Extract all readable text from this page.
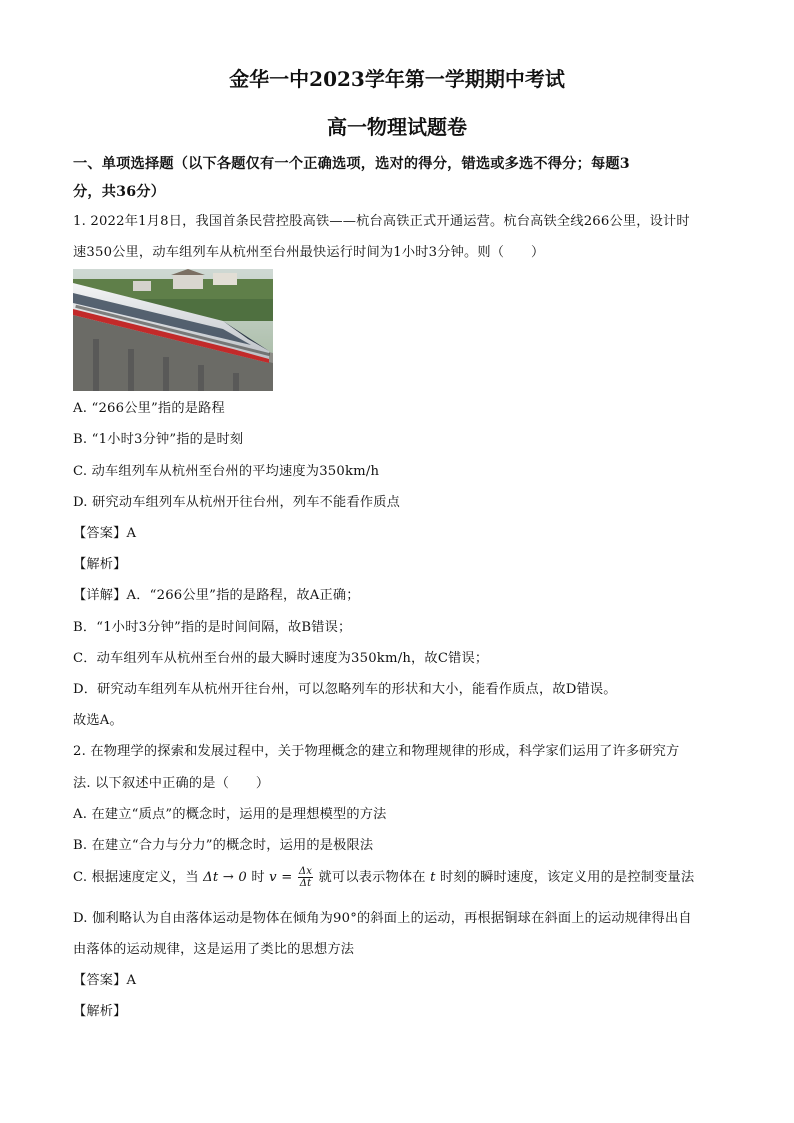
金华一中2023学年第一学期期中考试
高一物理试题卷
一、单项选择题（以下各题仅有一个正确选项，选对的得分，错选或多选不得分；每题3
分，共36分）
1. 2022年1月8日，我国首条民营控股高铁——杭台高铁正式开通运营。杭台高铁全线266公里，设计时
速350公里，动车组列车从杭州至台州最快运行时间为1小时3分钟。则（　　）
A. “266公里”指的是路程
B. “1小时3分钟”指的是时刻
C. 动车组列车从杭州至台州的平均速度为350km/h
D. 研究动车组列车从杭州开往台州，列车不能看作质点
【答案】A
【解析】
【详解】A．“266公里”指的是路程，故A正确；
B．“1小时3分钟”指的是时间间隔，故B错误；
C．动车组列车从杭州至台州的最大瞬时速度为350km/h，故C错误；
D．研究动车组列车从杭州开往台州，可以忽略列车的形状和大小，能看作质点，故D错误。
故选A。
2. 在物理学的探索和发展过程中，关于物理概念的建立和物理规律的形成，科学家们运用了许多研究方
法. 以下叙述中正确的是（　　）
A. 在建立“质点”的概念时，运用的是理想模型的方法
B. 在建立“合力与分力”的概念时，运用的是极限法
C. 根据速度定义，当 Δt → 0 时 $v = \frac{\Delta x}{\Delta t}$ 就可以表示物体在 t 时刻的瞬时速度，该定义用的是控制变量法
D. 伽利略认为自由落体运动是物体在倾角为90°的斜面上的运动，再根据铜球在斜面上的运动规律得出自
由落体的运动规律，这是运用了类比的思想方法
【答案】A
【解析】
